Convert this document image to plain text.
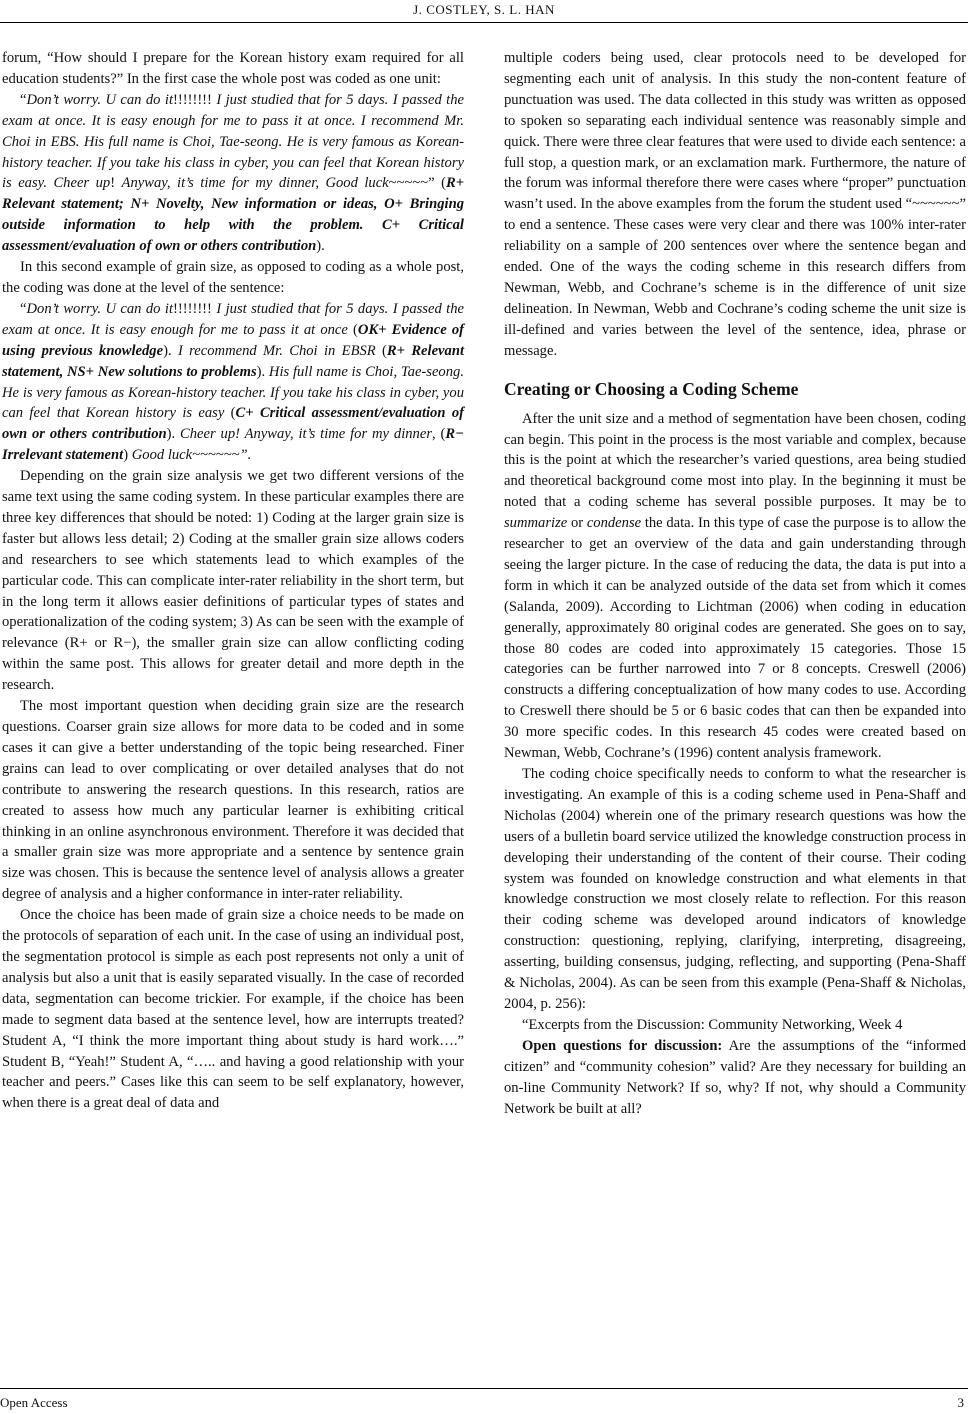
J. COSTLEY, S. L. HAN

forum, “How should I prepare for the Korean history exam required for all education students?” In the first case the whole post was coded as one unit:

“Don’t worry. U can do it!!!!!!!! I just studied that for 5 days. I passed the exam at once. It is easy enough for me to pass it at once. I recommend Mr. Choi in EBS. His full name is Choi, Tae-seong. He is very famous as Korean-history teacher. If you take his class in cyber, you can feel that Korean history is easy. Cheer up! Anyway, it’s time for my dinner, Good luck~~~~~” (R+ Relevant statement; N+ Novelty, New information or ideas, O+ Bringing outside information to help with the problem. C+ Critical assessment/evaluation of own or others contribution).

In this second example of grain size, as opposed to coding as a whole post, the coding was done at the level of the sentence:

“Don’t worry. U can do it!!!!!!!! I just studied that for 5 days. I passed the exam at once. It is easy enough for me to pass it at once (OK+ Evidence of using previous knowledge). I recommend Mr. Choi in EBSR (R+ Relevant statement, NS+ New solutions to problems). His full name is Choi, Tae-seong. He is very famous as Korean-history teacher. If you take his class in cyber, you can feel that Korean history is easy (C+ Critical assessment/evaluation of own or others contribution). Cheer up! Anyway, it’s time for my dinner, (R− Irrelevant statement) Good luck~~~~~~”.

Depending on the grain size analysis we get two different versions of the same text using the same coding system. In these particular examples there are three key differences that should be noted: 1) Coding at the larger grain size is faster but allows less detail; 2) Coding at the smaller grain size allows coders and researchers to see which statements lead to which examples of the particular code. This can complicate inter-rater reliability in the short term, but in the long term it allows easier definitions of particular types of states and operationalization of the coding system; 3) As can be seen with the example of relevance (R+ or R−), the smaller grain size can allow conflicting coding within the same post. This allows for greater detail and more depth in the research.

The most important question when deciding grain size are the research questions. Coarser grain size allows for more data to be coded and in some cases it can give a better understanding of the topic being researched. Finer grains can lead to over complicating or over detailed analyses that do not contribute to answering the research questions. In this research, ratios are created to assess how much any particular learner is exhibiting critical thinking in an online asynchronous environment. Therefore it was decided that a smaller grain size was more appropriate and a sentence by sentence grain size was chosen. This is because the sentence level of analysis allows a greater degree of analysis and a higher conformance in inter-rater reliability.

Once the choice has been made of grain size a choice needs to be made on the protocols of separation of each unit. In the case of using an individual post, the segmentation protocol is simple as each post represents not only a unit of analysis but also a unit that is easily separated visually. In the case of recorded data, segmentation can become trickier. For example, if the choice has been made to segment data based at the sentence level, how are interrupts treated? Student A, “I think the more important thing about study is hard work….” Student B, “Yeah!” Student A, “….. and having a good relationship with your teacher and peers.” Cases like this can seem to be self explanatory, however, when there is a great deal of data and

multiple coders being used, clear protocols need to be developed for segmenting each unit of analysis. In this study the non-content feature of punctuation was used. The data collected in this study was written as opposed to spoken so separating each individual sentence was reasonably simple and quick. There were three clear features that were used to divide each sentence: a full stop, a question mark, or an exclamation mark. Furthermore, the nature of the forum was informal therefore there were cases where “proper” punctuation wasn’t used. In the above examples from the forum the student used “~~~~~~” to end a sentence. These cases were very clear and there was 100% inter-rater reliability on a sample of 200 sentences over where the sentence began and ended. One of the ways the coding scheme in this research differs from Newman, Webb, and Cochrane’s scheme is in the difference of unit size delineation. In Newman, Webb and Cochrane’s coding scheme the unit size is ill-defined and varies between the level of the sentence, idea, phrase or message.

Creating or Choosing a Coding Scheme

After the unit size and a method of segmentation have been chosen, coding can begin. This point in the process is the most variable and complex, because this is the point at which the researcher’s varied questions, area being studied and theoretical background come most into play. In the beginning it must be noted that a coding scheme has several possible purposes. It may be to summarize or condense the data. In this type of case the purpose is to allow the researcher to get an overview of the data and gain understanding through seeing the larger picture. In the case of reducing the data, the data is put into a form in which it can be analyzed outside of the data set from which it comes (Salanda, 2009). According to Lichtman (2006) when coding in education generally, approximately 80 original codes are generated. She goes on to say, those 80 codes are coded into approximately 15 categories. Those 15 categories can be further narrowed into 7 or 8 concepts. Creswell (2006) constructs a differing conceptualization of how many codes to use. According to Creswell there should be 5 or 6 basic codes that can then be expanded into 30 more specific codes. In this research 45 codes were created based on Newman, Webb, Cochrane’s (1996) content analysis framework.

The coding choice specifically needs to conform to what the researcher is investigating. An example of this is a coding scheme used in Pena-Shaff and Nicholas (2004) wherein one of the primary research questions was how the users of a bulletin board service utilized the knowledge construction process in developing their understanding of the content of their course. Their coding system was founded on knowledge construction and what elements in that knowledge construction we most closely relate to reflection. For this reason their coding scheme was developed around indicators of knowledge construction: questioning, replying, clarifying, interpreting, disagreeing, asserting, building consensus, judging, reflecting, and supporting (Pena-Shaff & Nicholas, 2004). As can be seen from this example (Pena-Shaff & Nicholas, 2004, p. 256):

“Excerpts from the Discussion: Community Networking, Week 4

Open questions for discussion: Are the assumptions of the “informed citizen” and “community cohesion” valid? Are they necessary for building an on-line Community Network? If so, why? If not, why should a Community Network be built at all?

Open Access	3
